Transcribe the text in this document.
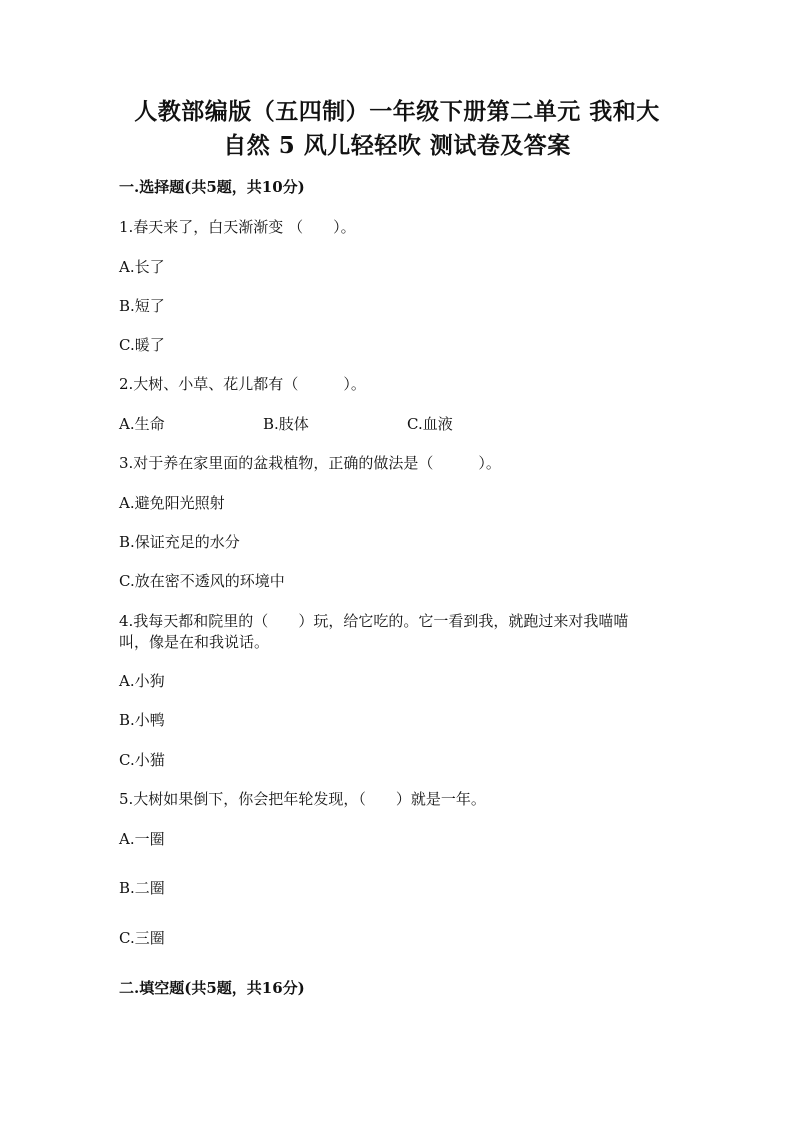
人教部编版（五四制）一年级下册第二单元 我和大
自然 5 风儿轻轻吹 测试卷及答案
一.选择题(共5题，共10分)
1.春天来了，白天渐渐变 （　　）。
A.长了
B.短了
C.暖了
2.大树、小草、花儿都有（　　　）。
A.生命	B.肢体	C.血液
3.对于养在家里面的盆栽植物，正确的做法是（　　　）。
A.避免阳光照射
B.保证充足的水分
C.放在密不透风的环境中
4.我每天都和院里的（　　）玩，给它吃的。它一看到我，就跑过来对我喵喵
叫，像是在和我说话。
A.小狗
B.小鸭
C.小猫
5.大树如果倒下，你会把年轮发现，（　　）就是一年。
A.一圈
B.二圈
C.三圈
二.填空题(共5题，共16分)
